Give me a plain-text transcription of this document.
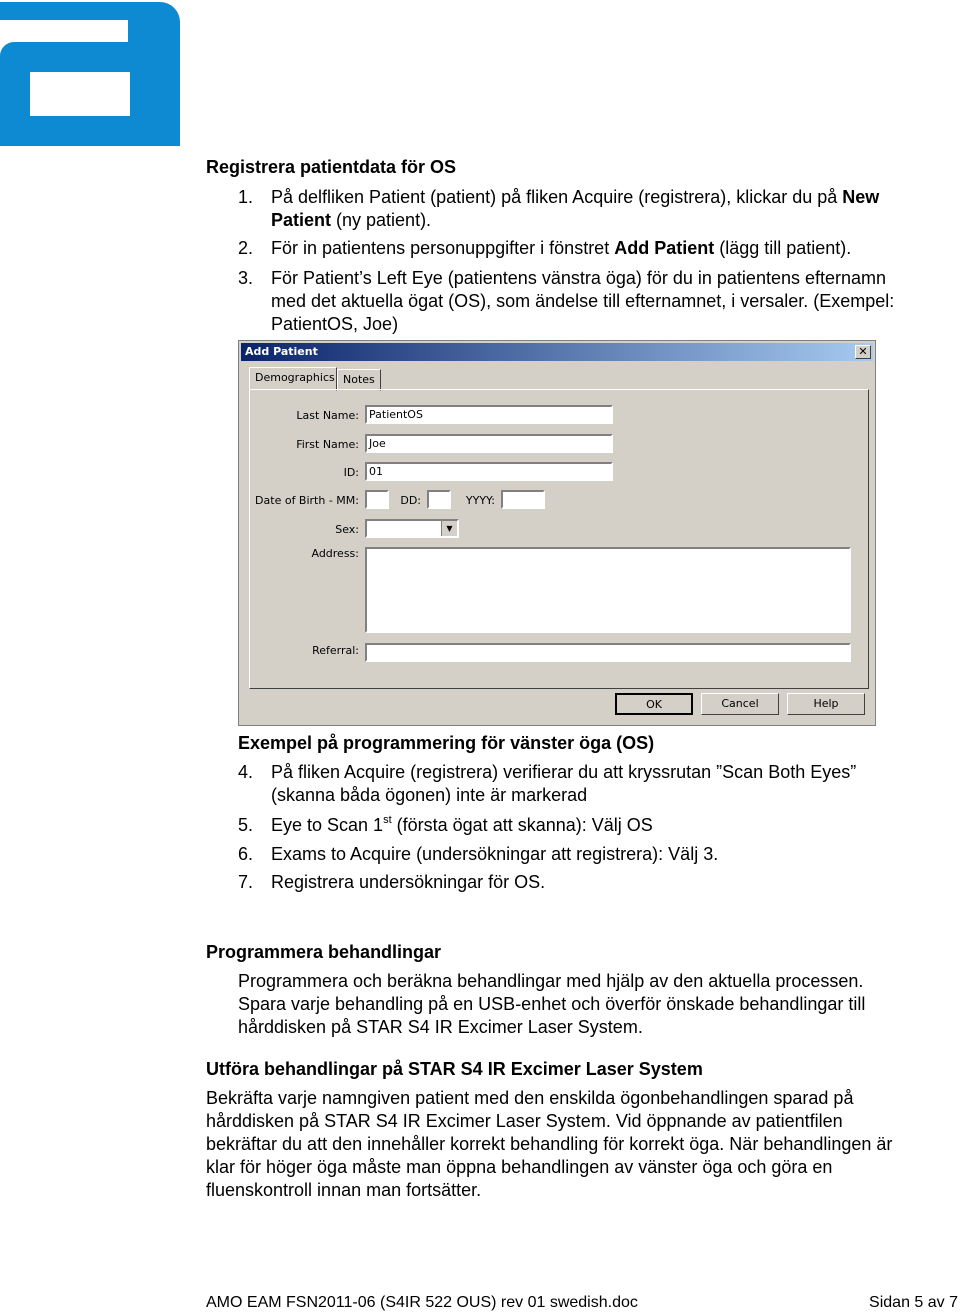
Registrera patientdata för OS
1. På delfliken Patient (patient) på fliken Acquire (registrera), klickar du på New
Patient (ny patient).
2. För in patientens personuppgifter i fönstret Add Patient (lägg till patient).
3. För Patient’s Left Eye (patientens vänstra öga) för du in patientens efternamn
med det aktuella ögat (OS), som ändelse till efternamnet, i versaler. (Exempel:
PatientOS, Joe)
Add Patient	✕
Demographics Notes
Last Name: PatientOS
First Name: Joe
ID: 01
Date of Birth - MM:	DD:	YYYY:
Sex:	▼
Address:
Referral:
OK	Cancel	Help
Exempel på programmering för vänster öga (OS)
4. På fliken Acquire (registrera) verifierar du att kryssrutan ”Scan Both Eyes”
(skanna båda ögonen) inte är markerad
5. Eye to Scan 1st (första ögat att skanna): Välj OS
6. Exams to Acquire (undersökningar att registrera): Välj 3.
7. Registrera undersökningar för OS.
Programmera behandlingar
Programmera och beräkna behandlingar med hjälp av den aktuella processen.
Spara varje behandling på en USB-enhet och överför önskade behandlingar till
hårddisken på STAR S4 IR Excimer Laser System.
Utföra behandlingar på STAR S4 IR Excimer Laser System
Bekräfta varje namngiven patient med den enskilda ögonbehandlingen sparad på
hårddisken på STAR S4 IR Excimer Laser System. Vid öppnande av patientfilen
bekräftar du att den innehåller korrekt behandling för korrekt öga. När behandlingen är
klar för höger öga måste man öppna behandlingen av vänster öga och göra en
fluenskontroll innan man fortsätter.
AMO EAM FSN2011-06 (S4IR 522 OUS) rev 01 swedish.doc	Sidan 5 av 7
